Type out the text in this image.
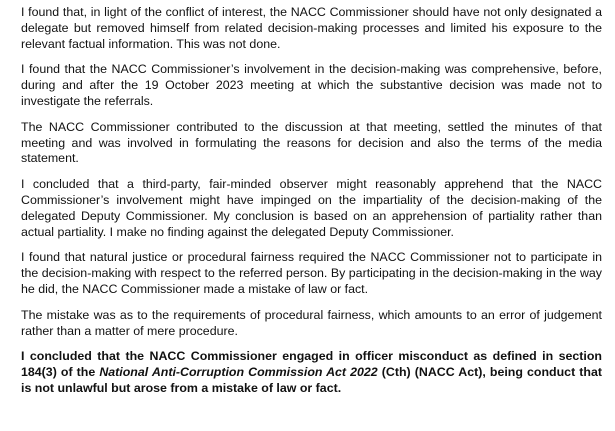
I found that, in light of the conflict of interest, the NACC Commissioner should have not only designated a delegate but removed himself from related decision-making processes and limited his exposure to the relevant factual information. This was not done.

I found that the NACC Commissioner’s involvement in the decision-making was comprehensive, before, during and after the 19 October 2023 meeting at which the substantive decision was made not to investigate the referrals.

The NACC Commissioner contributed to the discussion at that meeting, settled the minutes of that meeting and was involved in formulating the reasons for decision and also the terms of the media statement.

I concluded that a third-party, fair-minded observer might reasonably apprehend that the NACC Commissioner’s involvement might have impinged on the impartiality of the decision-making of the delegated Deputy Commissioner. My conclusion is based on an apprehension of partiality rather than actual partiality. I make no finding against the delegated Deputy Commissioner.

I found that natural justice or procedural fairness required the NACC Commissioner not to participate in the decision-making with respect to the referred person. By participating in the decision-making in the way he did, the NACC Commissioner made a mistake of law or fact.

The mistake was as to the requirements of procedural fairness, which amounts to an error of judgement rather than a matter of mere procedure.

I concluded that the NACC Commissioner engaged in officer misconduct as defined in section 184(3) of the National Anti-Corruption Commission Act 2022 (Cth) (NACC Act), being conduct that is not unlawful but arose from a mistake of law or fact.
